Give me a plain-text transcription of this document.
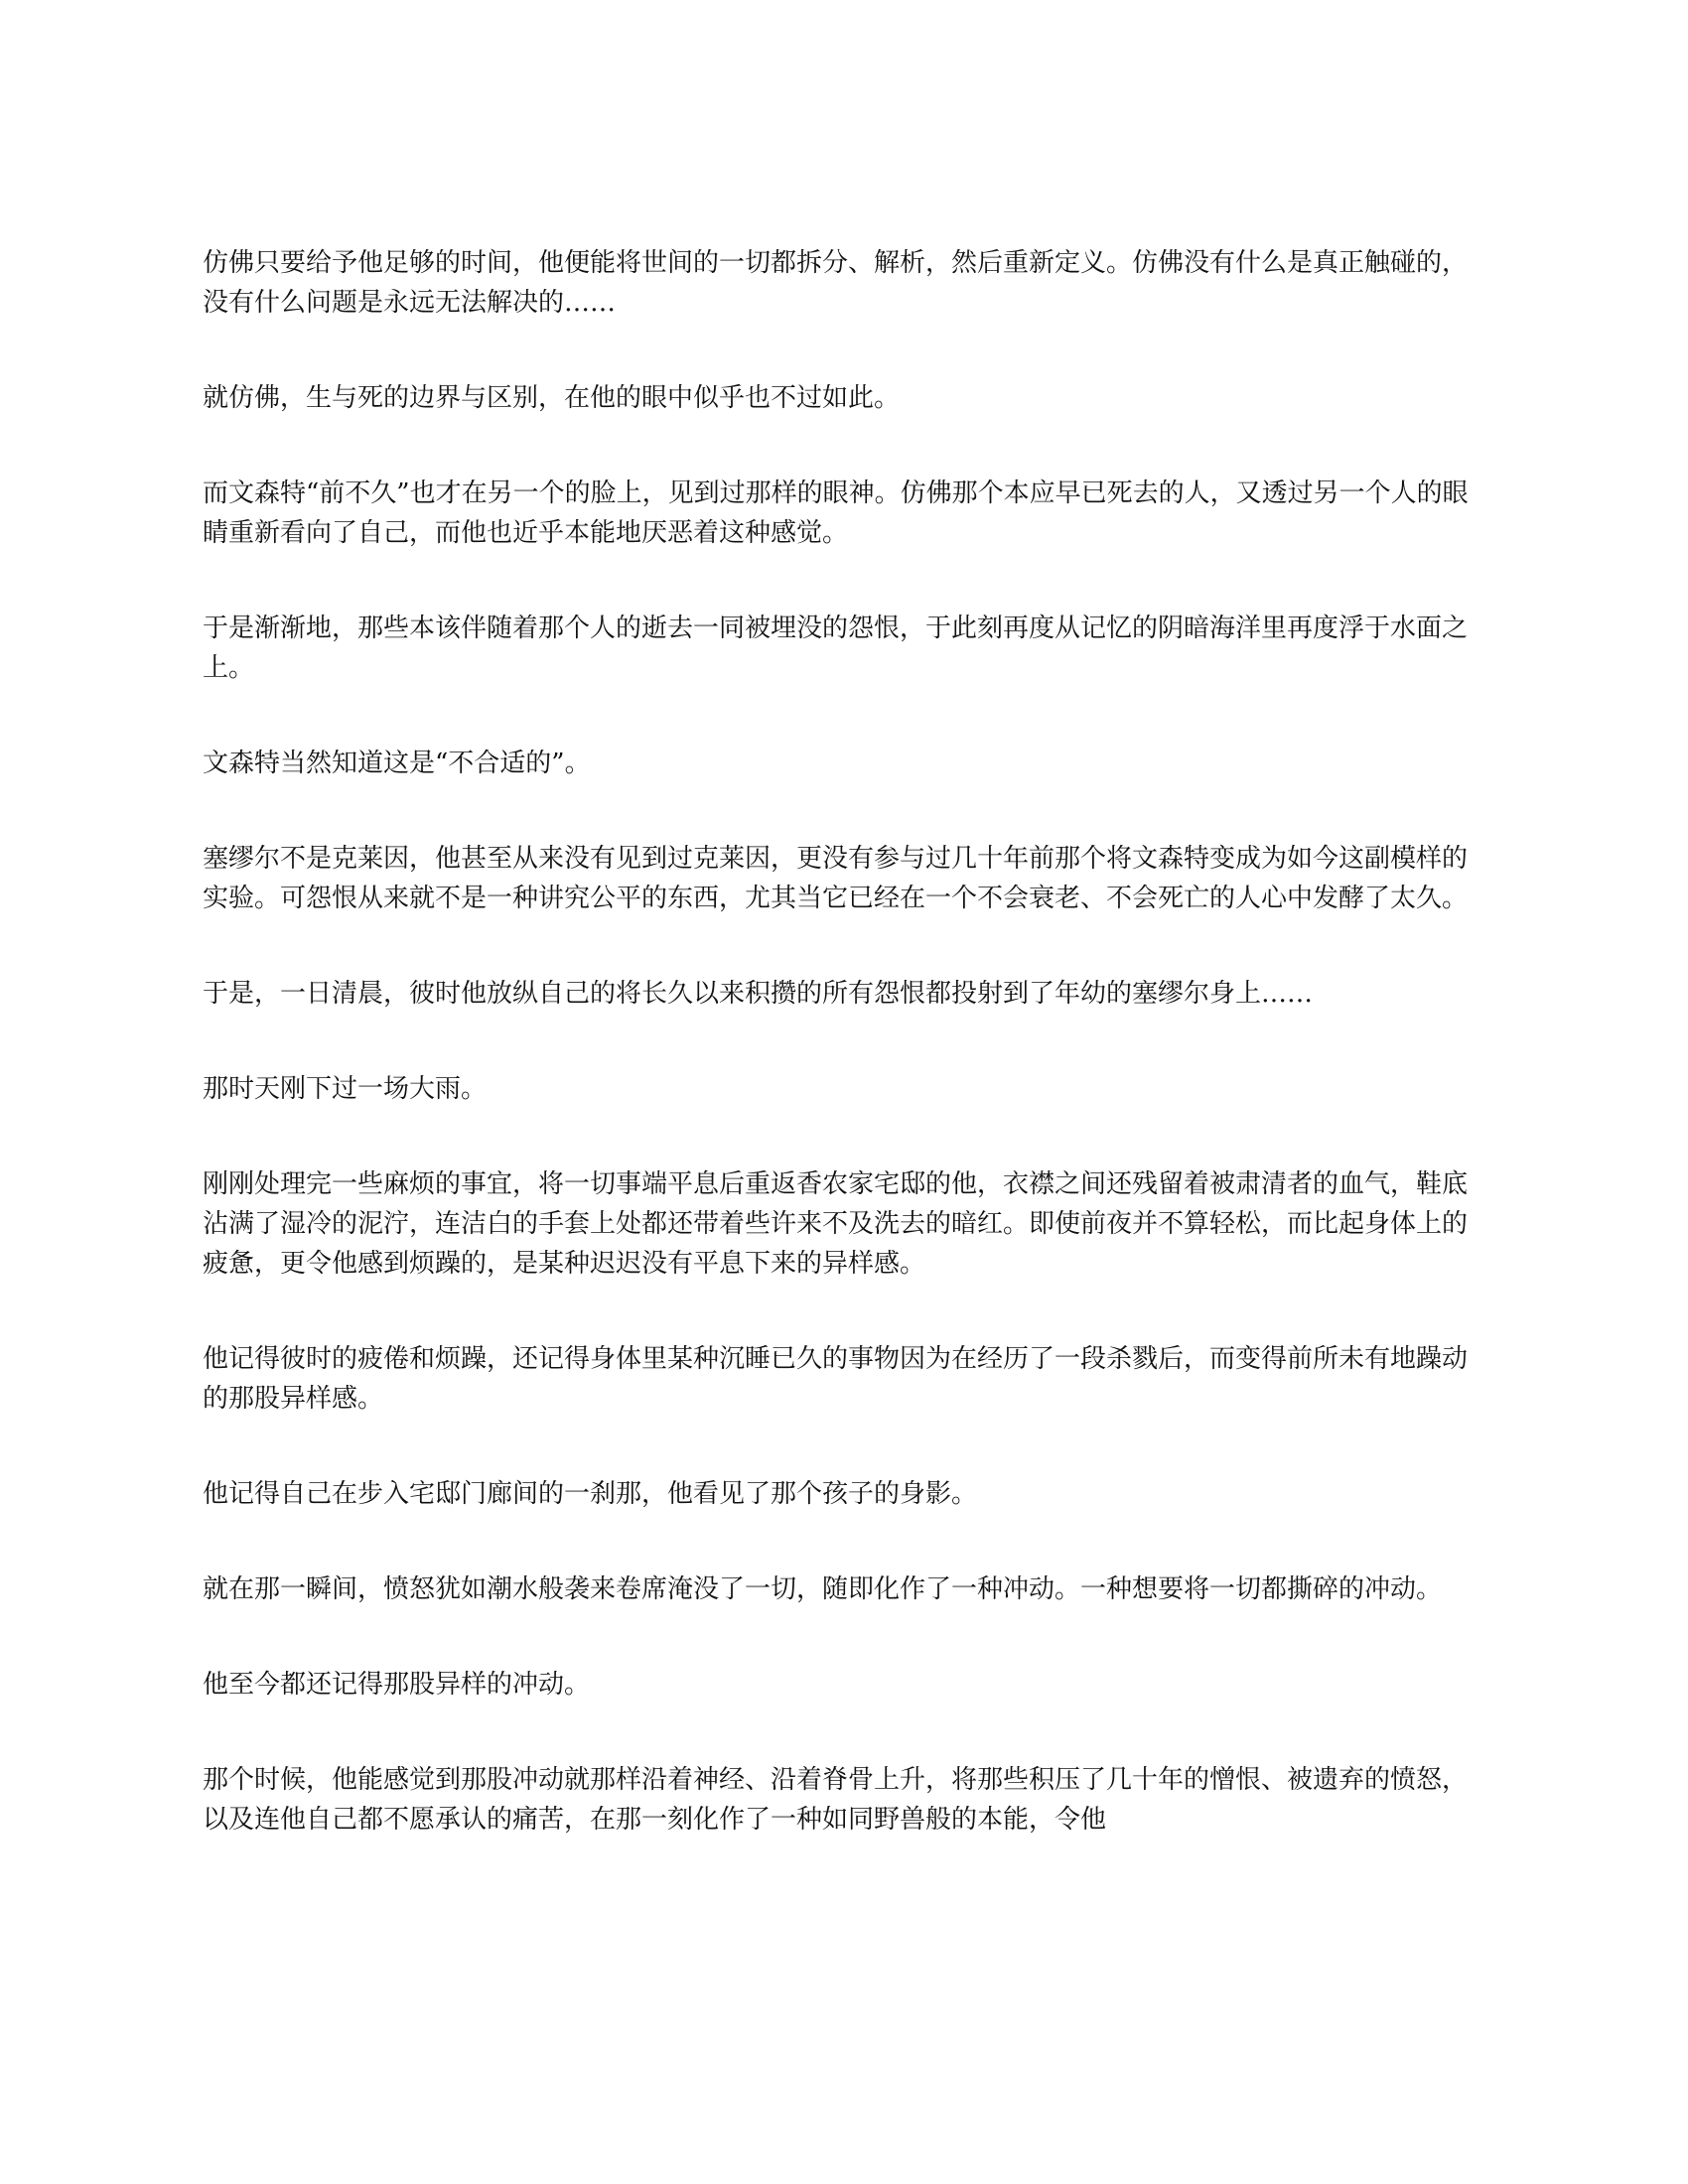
仿佛只要给予他足够的时间，他便能将世间的一切都拆分、解析，然后重新定义。仿佛没有什么是真正触碰的，没有什么问题是永远无法解决的……

就仿佛，生与死的边界与区别，在他的眼中似乎也不过如此。

而文森特“前不久”也才在另一个的脸上，见到过那样的眼神。仿佛那个本应早已死去的人，又透过另一个人的眼睛重新看向了自己，而他也近乎本能地厌恶着这种感觉。

于是渐渐地，那些本该伴随着那个人的逝去一同被埋没的怨恨，于此刻再度从记忆的阴暗海洋里再度浮于水面之上。

文森特当然知道这是“不合适的”。

塞缪尔不是克莱因，他甚至从来没有见到过克莱因，更没有参与过几十年前那个将文森特变成为如今这副模样的实验。可怨恨从来就不是一种讲究公平的东西，尤其当它已经在一个不会衰老、不会死亡的人心中发酵了太久。

于是，一日清晨，彼时他放纵自己的将长久以来积攒的所有怨恨都投射到了年幼的塞缪尔身上……

那时天刚下过一场大雨。

刚刚处理完一些麻烦的事宜，将一切事端平息后重返香农家宅邸的他，衣襟之间还残留着被肃清者的血气，鞋底沾满了湿冷的泥泞，连洁白的手套上处都还带着些许来不及洗去的暗红。即使前夜并不算轻松，而比起身体上的疲惫，更令他感到烦躁的，是某种迟迟没有平息下来的异样感。

他记得彼时的疲倦和烦躁，还记得身体里某种沉睡已久的事物因为在经历了一段杀戮后，而变得前所未有地躁动的那股异样感。

他记得自己在步入宅邸门廊间的一刹那，他看见了那个孩子的身影。

就在那一瞬间，愤怒犹如潮水般袭来卷席淹没了一切，随即化作了一种冲动。一种想要将一切都撕碎的冲动。

他至今都还记得那股异样的冲动。

那个时候，他能感觉到那股冲动就那样沿着神经、沿着脊骨上升，将那些积压了几十年的憎恨、被遗弃的愤怒，以及连他自己都不愿承认的痛苦，在那一刻化作了一种如同野兽般的本能，令他
